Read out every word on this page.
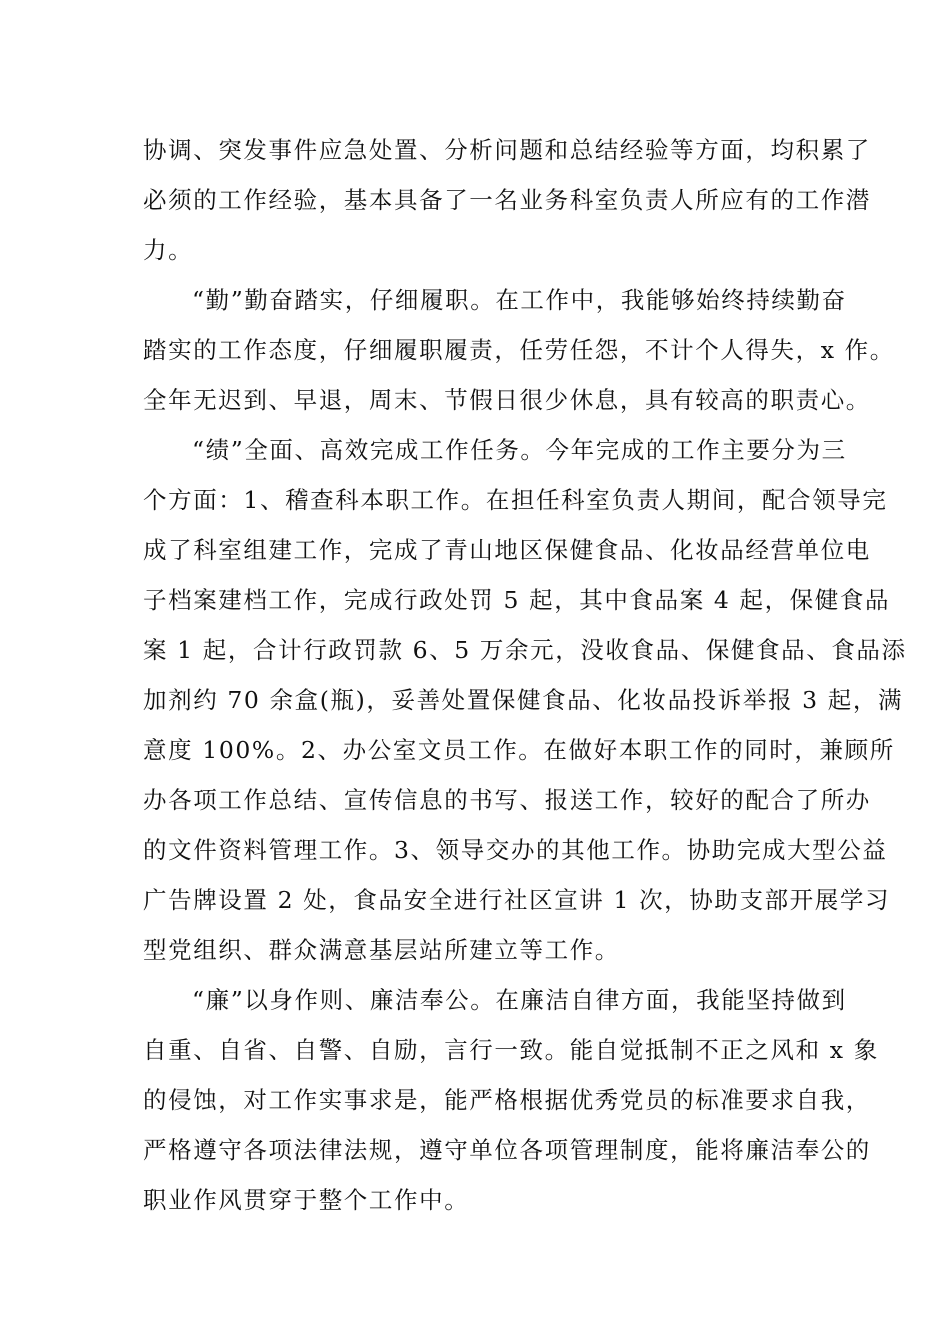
协调、突发事件应急处置、分析问题和总结经验等方面，均积累了
必须的工作经验，基本具备了一名业务科室负责人所应有的工作潜
力。
“勤”勤奋踏实，仔细履职。在工作中，我能够始终持续勤奋
踏实的工作态度，仔细履职履责，任劳任怨，不计个人得失，x 作。
全年无迟到、早退，周末、节假日很少休息，具有较高的职责心。
“绩”全面、高效完成工作任务。今年完成的工作主要分为三
个方面：1、稽查科本职工作。在担任科室负责人期间，配合领导完
成了科室组建工作，完成了青山地区保健食品、化妆品经营单位电
子档案建档工作，完成行政处罚 5 起，其中食品案 4 起，保健食品
案 1 起，合计行政罚款 6、5 万余元，没收食品、保健食品、食品添
加剂约 70 余盒(瓶)，妥善处置保健食品、化妆品投诉举报 3 起，满
意度 100%。2、办公室文员工作。在做好本职工作的同时，兼顾所
办各项工作总结、宣传信息的书写、报送工作，较好的配合了所办
的文件资料管理工作。3、领导交办的其他工作。协助完成大型公益
广告牌设置 2 处，食品安全进行社区宣讲 1 次，协助支部开展学习
型党组织、群众满意基层站所建立等工作。
“廉”以身作则、廉洁奉公。在廉洁自律方面，我能坚持做到
自重、自省、自警、自励，言行一致。能自觉抵制不正之风和 x 象
的侵蚀，对工作实事求是，能严格根据优秀党员的标准要求自我，
严格遵守各项法律法规，遵守单位各项管理制度，能将廉洁奉公的
职业作风贯穿于整个工作中。
